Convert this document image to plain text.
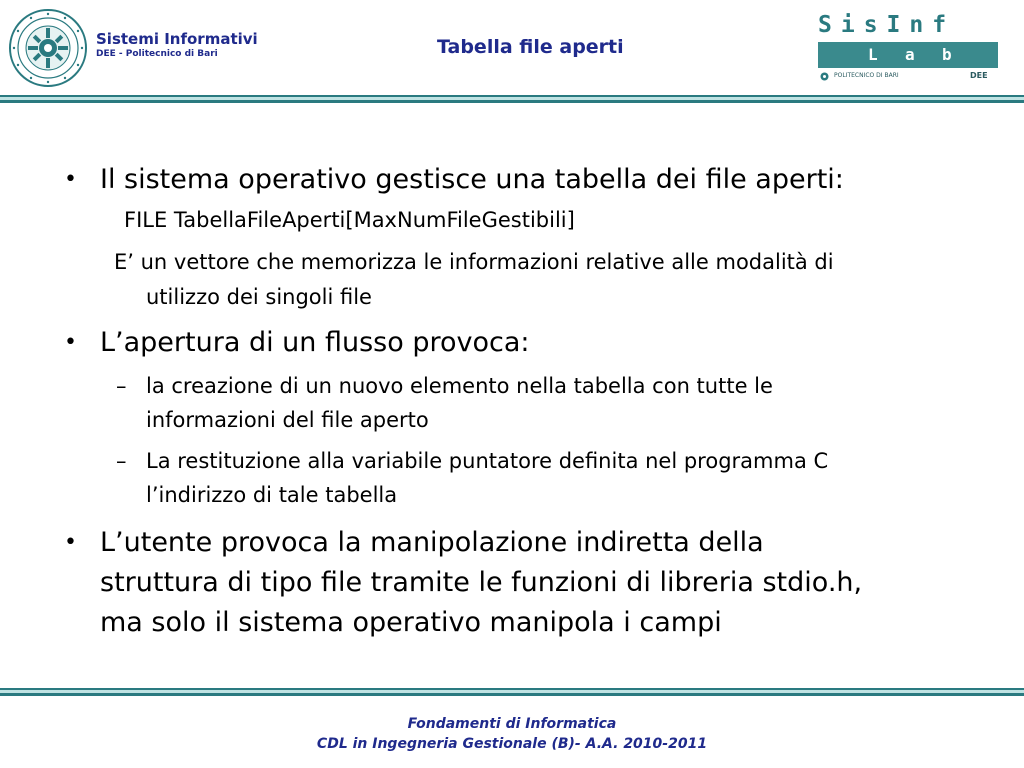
Sistemi Informativi
DEE - Politecnico di Bari	Tabella file aperti
SisInf
L a b
POLITECNICO DI BARI	DEE
• Il sistema operativo gestisce una tabella dei file aperti:
FILE TabellaFileAperti[MaxNumFileGestibili]
E’ un vettore che memorizza le informazioni relative alle modalità di
utilizzo dei singoli file
• L’apertura di un flusso provoca:
– la creazione di un nuovo elemento nella tabella con tutte le
informazioni del file aperto
– La restituzione alla variabile puntatore definita nel programma C
l’indirizzo di tale tabella
• L’utente provoca la manipolazione indiretta della
struttura di tipo file tramite le funzioni di libreria stdio.h,
ma solo il sistema operativo manipola i campi
Fondamenti di Informatica
CDL in Ingegneria Gestionale (B)- A.A. 2010-2011
